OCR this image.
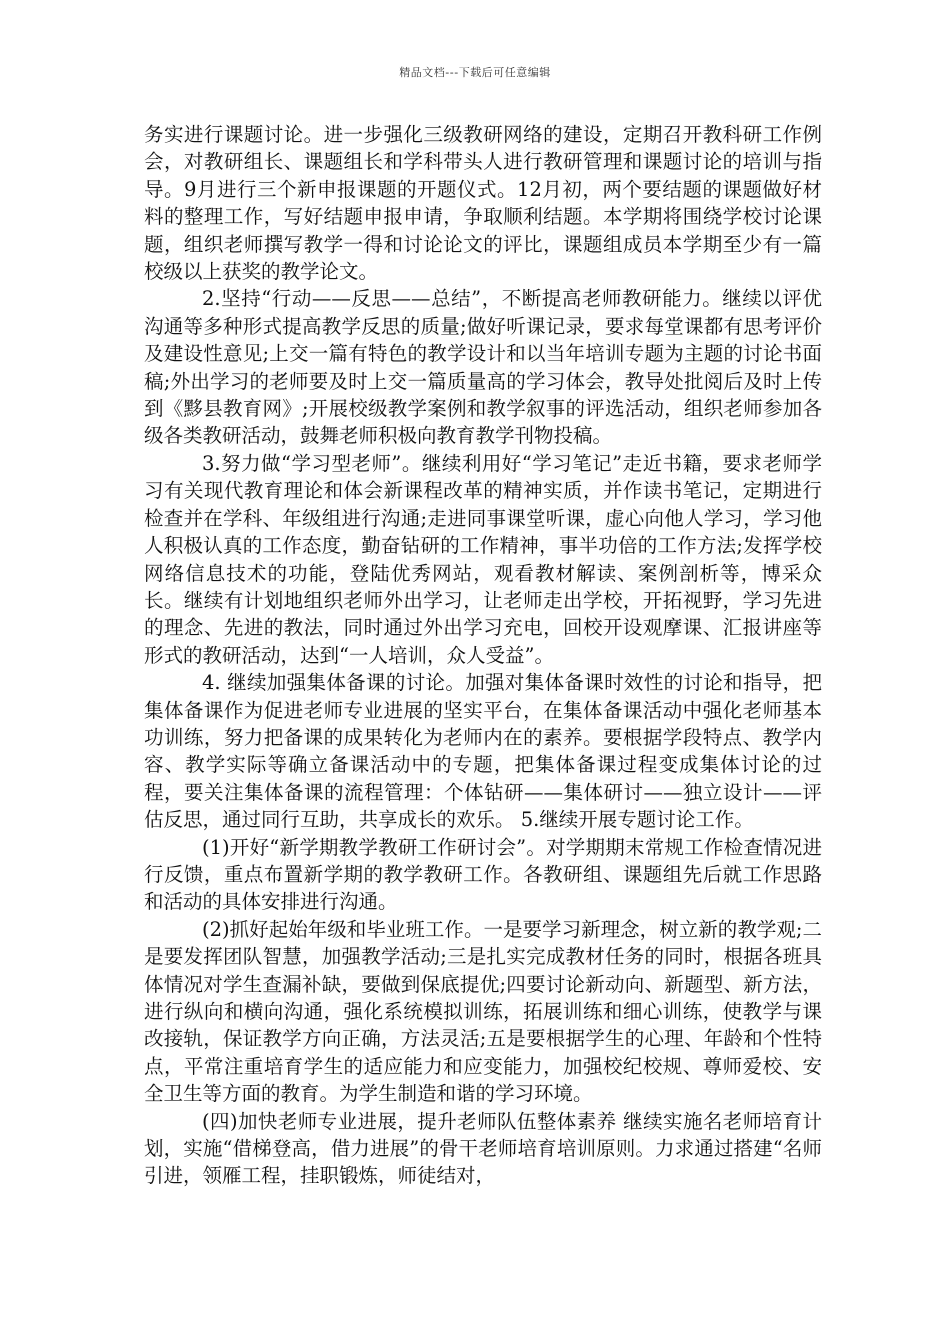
精品文档---下载后可任意编辑

务实进行课题讨论。进一步强化三级教研网络的建设，定期召开教科研工作例会，对教研组长、课题组长和学科带头人进行教研管理和课题讨论的培训与指导。9月进行三个新申报课题的开题仪式。12月初，两个要结题的课题做好材料的整理工作，写好结题申报申请，争取顺利结题。本学期将围绕学校讨论课题，组织老师撰写教学一得和讨论论文的评比，课题组成员本学期至少有一篇校级以上获奖的教学论文。

2.坚持“行动——反思——总结”，不断提高老师教研能力。继续以评优沟通等多种形式提高教学反思的质量;做好听课记录，要求每堂课都有思考评价及建设性意见;上交一篇有特色的教学设计和以当年培训专题为主题的讨论书面稿;外出学习的老师要及时上交一篇质量高的学习体会，教导处批阅后及时上传到《黟县教育网》;开展校级教学案例和教学叙事的评选活动，组织老师参加各级各类教研活动，鼓舞老师积极向教育教学刊物投稿。

3.努力做“学习型老师”。继续利用好“学习笔记”走近书籍，要求老师学习有关现代教育理论和体会新课程改革的精神实质，并作读书笔记，定期进行检查并在学科、年级组进行沟通;走进同事课堂听课，虚心向他人学习，学习他人积极认真的工作态度，勤奋钻研的工作精神，事半功倍的工作方法;发挥学校网络信息技术的功能，登陆优秀网站，观看教材解读、案例剖析等，博采众长。继续有计划地组织老师外出学习，让老师走出学校，开拓视野，学习先进的理念、先进的教法，同时通过外出学习充电，回校开设观摩课、汇报讲座等形式的教研活动，达到“一人培训，众人受益”。

4. 继续加强集体备课的讨论。加强对集体备课时效性的讨论和指导，把集体备课作为促进老师专业进展的坚实平台，在集体备课活动中强化老师基本功训练，努力把备课的成果转化为老师内在的素养。要根据学段特点、教学内容、教学实际等确立备课活动中的专题，把集体备课过程变成集体讨论的过程，要关注集体备课的流程管理：个体钻研——集体研讨——独立设计——评估反思，通过同行互助，共享成长的欢乐。 5.继续开展专题讨论工作。

(1)开好“新学期教学教研工作研讨会”。对学期期末常规工作检查情况进行反馈，重点布置新学期的教学教研工作。各教研组、课题组先后就工作思路和活动的具体安排进行沟通。

(2)抓好起始年级和毕业班工作。一是要学习新理念，树立新的教学观;二是要发挥团队智慧，加强教学活动;三是扎实完成教材任务的同时，根据各班具体情况对学生查漏补缺，要做到保底提优;四要讨论新动向、新题型、新方法，进行纵向和横向沟通，强化系统模拟训练，拓展训练和细心训练，使教学与课改接轨，保证教学方向正确，方法灵活;五是要根据学生的心理、年龄和个性特点，平常注重培育学生的适应能力和应变能力，加强校纪校规、尊师爱校、安全卫生等方面的教育。为学生制造和谐的学习环境。

(四)加快老师专业进展，提升老师队伍整体素养 继续实施名老师培育计划，实施“借梯登高，借力进展”的骨干老师培育培训原则。力求通过搭建“名师引进，领雁工程，挂职锻炼，师徒结对，
